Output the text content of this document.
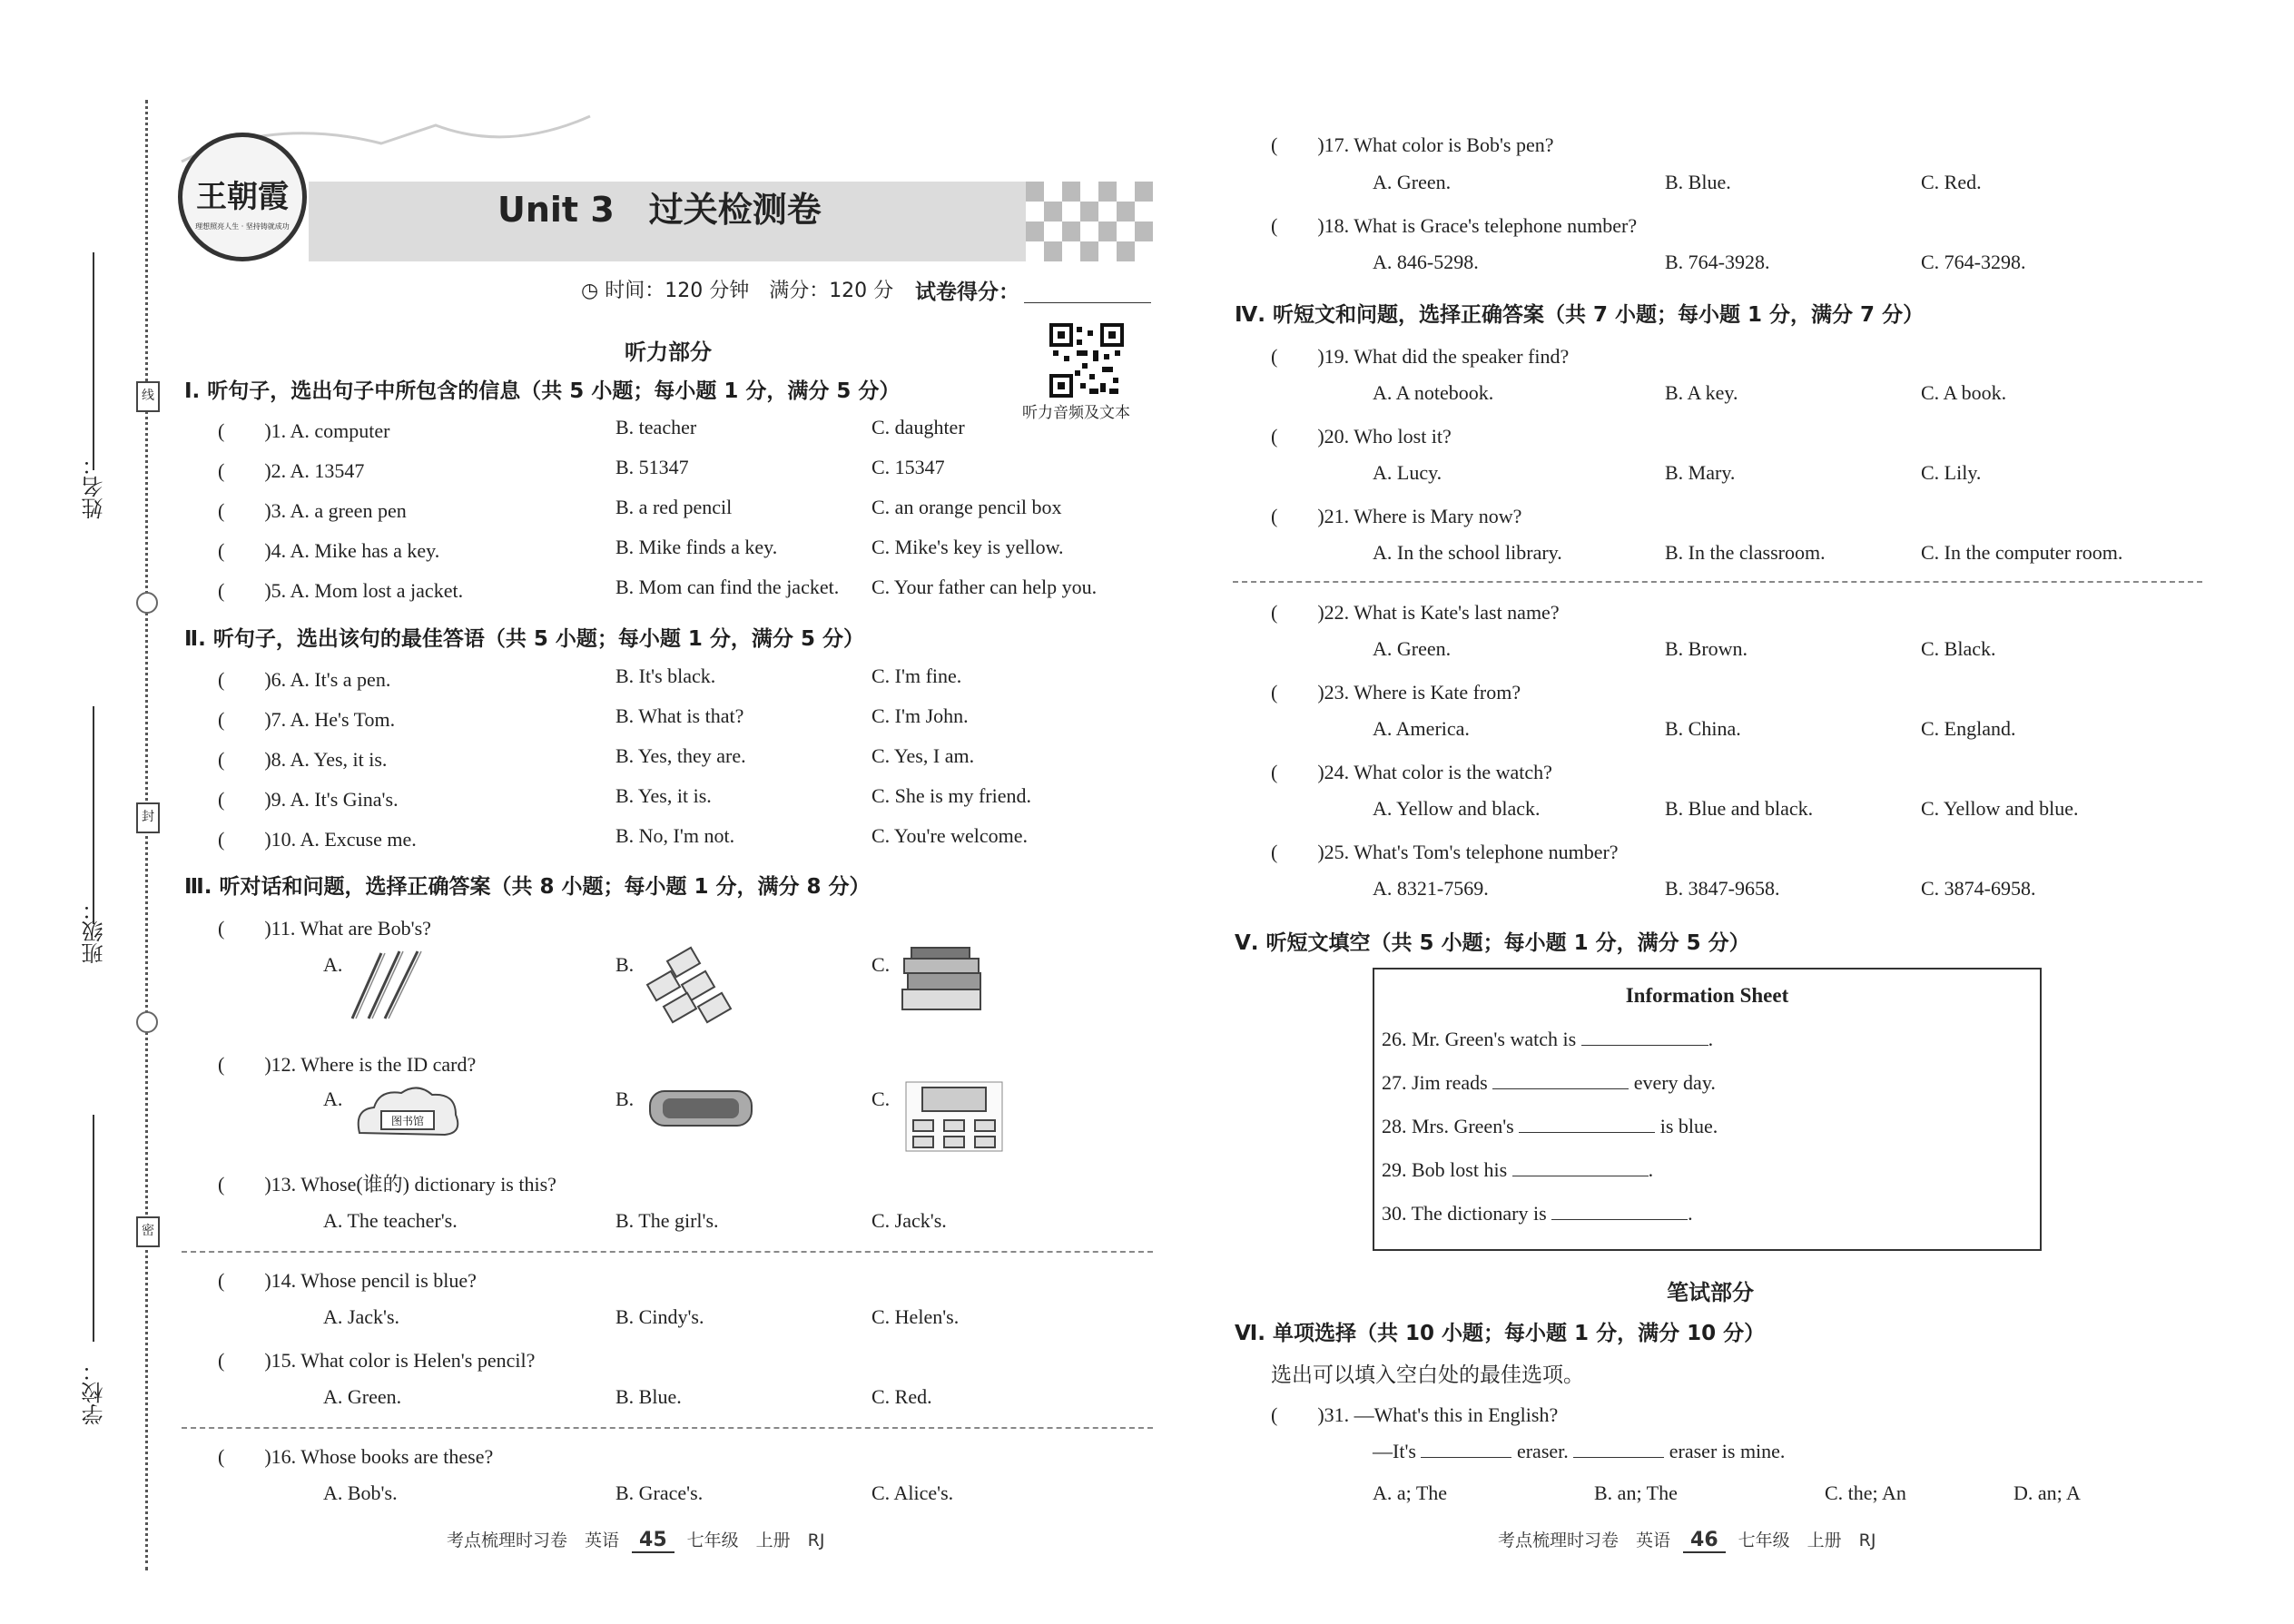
姓名：
班级：
学校：
线
封
密
王朝霞
理想照亮人生 · 坚持铸就成功	Unit 3　过关检测卷
◷ 时间：120 分钟　满分：120 分 试卷得分：
听力音频及文本
听力部分
Ⅰ. 听句子，选出句子中所包含的信息（共 5 小题；每小题 1 分，满分 5 分）
(　　)1. A. computer	B. teacher	C. daughter
(　　)2. A. 13547	B. 51347	C. 15347
(　　)3. A. a green pen	B. a red pencil	C. an orange pencil box
(　　)4. A. Mike has a key.	B. Mike finds a key.	C. Mike's key is yellow.
(　　)5. A. Mom lost a jacket.	B. Mom can find the jacket. C. Your father can help you.
Ⅱ. 听句子，选出该句的最佳答语（共 5 小题；每小题 1 分，满分 5 分）
(　　)6. A. It's a pen.	B. It's black.	C. I'm fine.
(　　)7. A. He's Tom.	B. What is that?	C. I'm John.
(　　)8. A. Yes, it is.	B. Yes, they are.	C. Yes, I am.
(　　)9. A. It's Gina's.	B. Yes, it is.	C. She is my friend.
(　　)10. A. Excuse me.	B. No, I'm not.	C. You're welcome.
Ⅲ. 听对话和问题，选择正确答案（共 8 小题；每小题 1 分，满分 8 分）
(　　)11. What are Bob's?
A.	B.	C.
(　　)12. Where is the ID card?
A.
图书馆
B.	C.
(　　)13. Whose(谁的) dictionary is this?
A. The teacher's.	B. The girl's.	C. Jack's.
(　　)14. Whose pencil is blue?
A. Jack's.	B. Cindy's.	C. Helen's.
(　　)15. What color is Helen's pencil?
A. Green.	B. Blue.	C. Red.
(　　)16. Whose books are these?
A. Bob's.	B. Grace's.	C. Alice's.
考点梳理时习卷　英语 45 七年级　上册　RJ
(　　)17. What color is Bob's pen?
A. Green.	B. Blue.	C. Red.
(　　)18. What is Grace's telephone number?
A. 846-5298.	B. 764-3928.	C. 764-3298.
Ⅳ. 听短文和问题，选择正确答案（共 7 小题；每小题 1 分，满分 7 分）
(　　)19. What did the speaker find?
A. A notebook.	B. A key.	C. A book.
(　　)20. Who lost it?
A. Lucy.	B. Mary.	C. Lily.
(　　)21. Where is Mary now?
A. In the school library.	B. In the classroom.	C. In the computer room.
(　　)22. What is Kate's last name?
A. Green.	B. Brown.	C. Black.
(　　)23. Where is Kate from?
A. America.	B. China.	C. England.
(　　)24. What color is the watch?
A. Yellow and black.	B. Blue and black.	C. Yellow and blue.
(　　)25. What's Tom's telephone number?
A. 8321-7569.	B. 3847-9658.	C. 3874-6958.
Ⅴ. 听短文填空（共 5 小题；每小题 1 分，满分 5 分）
Information Sheet
26. Mr. Green's watch is	.
27. Jim reads	every day.
28. Mrs. Green's	is blue.
29. Bob lost his	.
30. The dictionary is	.
笔试部分
Ⅵ. 单项选择（共 10 小题；每小题 1 分，满分 10 分）
选出可以填入空白处的最佳选项。
(　　)31. —What's this in English?
—It's	eraser.	eraser is mine.
A. a; The	B. an; The	C. the; An	D. an; A
考点梳理时习卷　英语 46 七年级　上册　RJ
